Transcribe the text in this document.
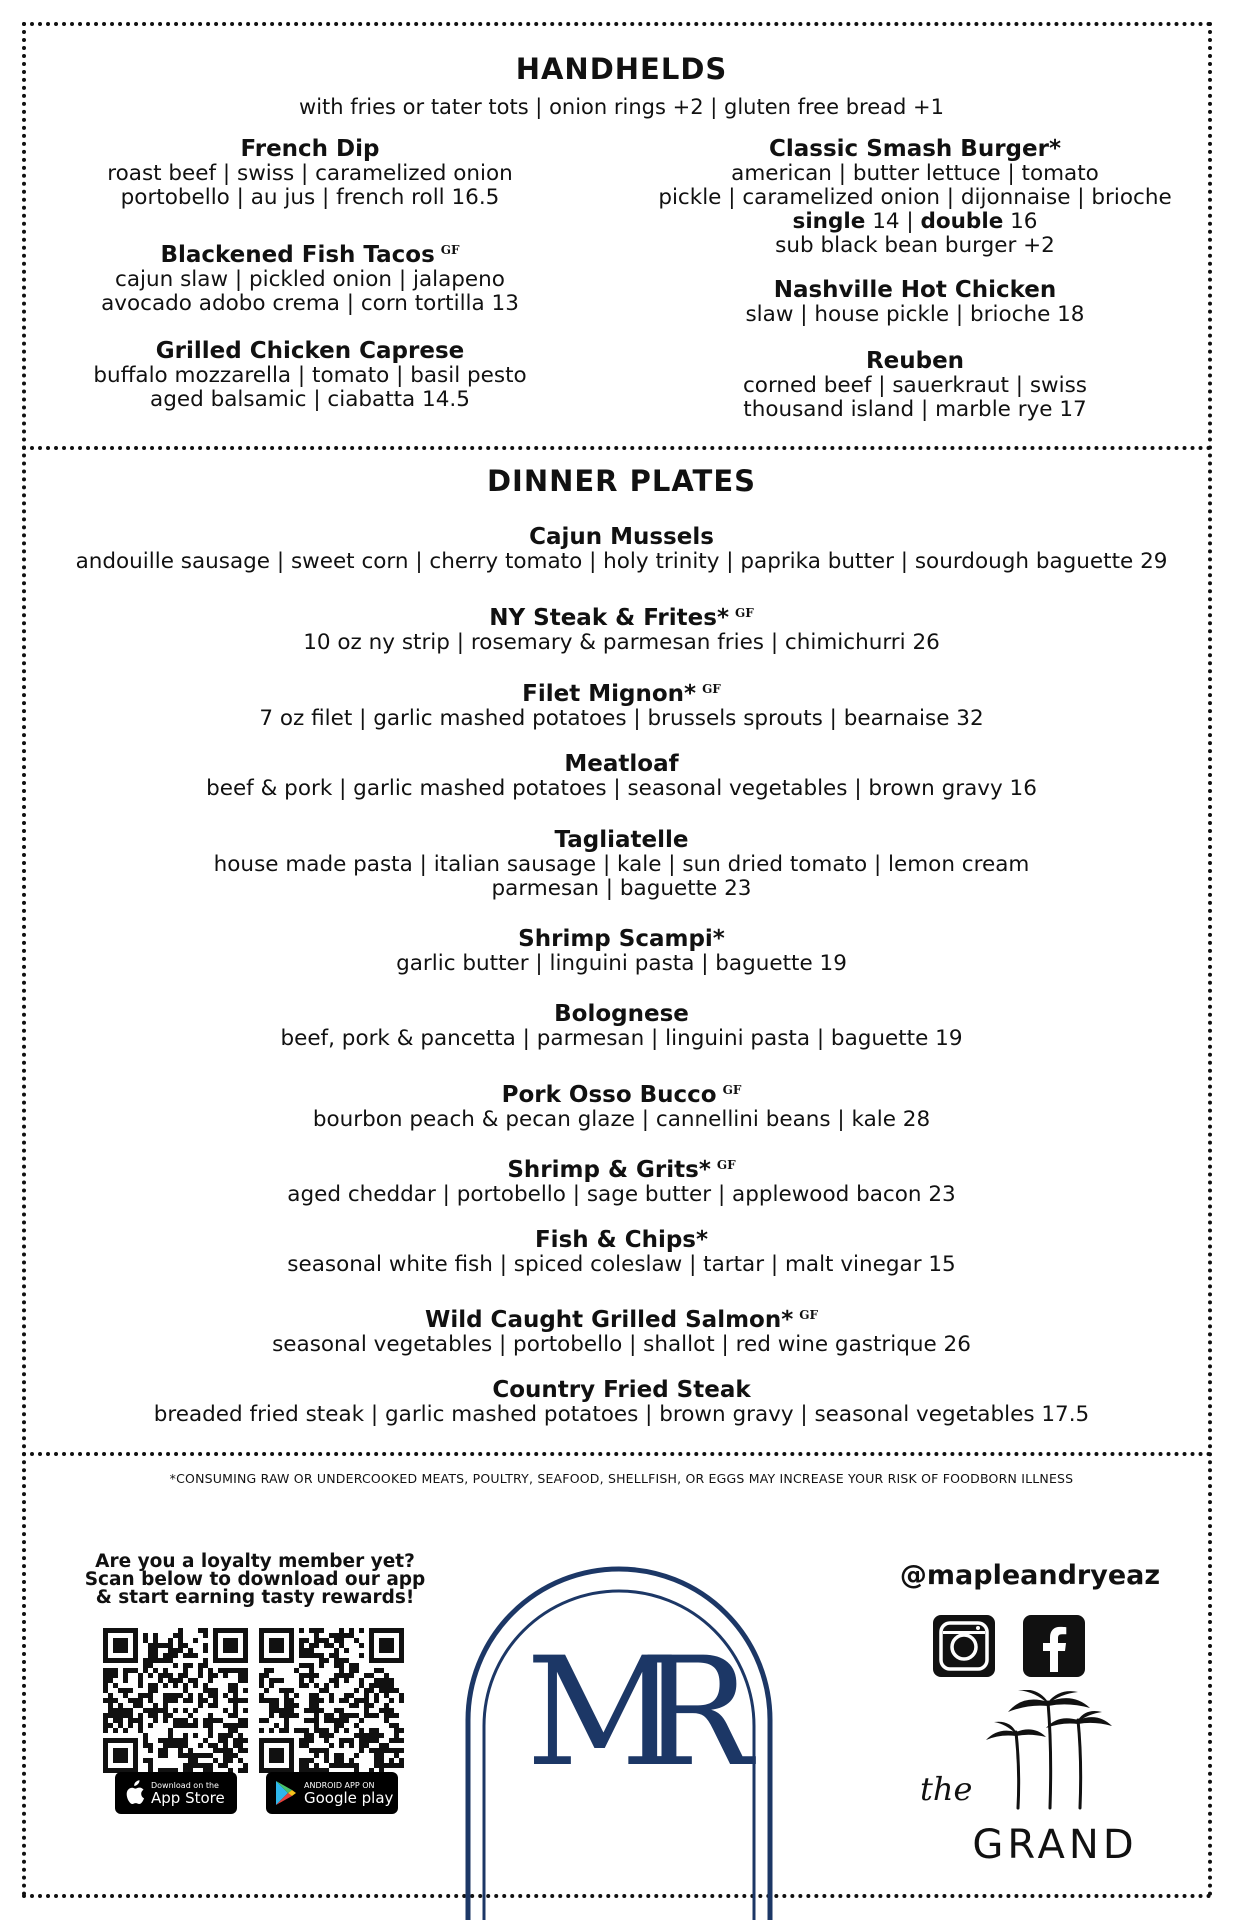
HANDHELDS
with fries or tater tots | onion rings +2 | gluten free bread +1
French Dip
roast beef | swiss | caramelized onion
portobello | au jus | french roll 16.5
Blackened Fish Tacos $^{GF}$
cajun slaw | pickled onion | jalapeno
avocado adobo crema | corn tortilla 13
Grilled Chicken Caprese
buffalo mozzarella | tomato | basil pesto
aged balsamic | ciabatta 14.5
Classic Smash Burger*
american | butter lettuce | tomato
pickle | caramelized onion | dijonnaise | brioche
single 14 | double 16
sub black bean burger +2
Nashville Hot Chicken
slaw | house pickle | brioche 18
Reuben
corned beef | sauerkraut | swiss
thousand island | marble rye 17
DINNER PLATES
Cajun Mussels
andouille sausage | sweet corn | cherry tomato | holy trinity | paprika butter | sourdough baguette 29
NY Steak & Frites* $^{GF}$
10 oz ny strip | rosemary & parmesan fries | chimichurri 26
Filet Mignon* $^{GF}$
7 oz filet | garlic mashed potatoes | brussels sprouts | bearnaise 32
Meatloaf
beef & pork | garlic mashed potatoes | seasonal vegetables | brown gravy 16
Tagliatelle
house made pasta | italian sausage | kale | sun dried tomato | lemon cream
parmesan | baguette 23
Shrimp Scampi*
garlic butter | linguini pasta | baguette 19
Bolognese
beef, pork & pancetta | parmesan | linguini pasta | baguette 19
Pork Osso Bucco $^{GF}$
bourbon peach & pecan glaze | cannellini beans | kale 28
Shrimp & Grits* $^{GF}$
aged cheddar | portobello | sage butter | applewood bacon 23
Fish & Chips*
seasonal white fish | spiced coleslaw | tartar | malt vinegar 15
Wild Caught Grilled Salmon* $^{GF}$
seasonal vegetables | portobello | shallot | red wine gastrique 26
Country Fried Steak
breaded fried steak | garlic mashed potatoes | brown gravy | seasonal vegetables 17.5
*CONSUMING RAW OR UNDERCOOKED MEATS, POULTRY, SEAFOOD, SHELLFISH, OR EGGS MAY INCREASE YOUR RISK OF FOODBORN ILLNESS
Are you a loyalty member yet?
Scan below to download our app
& start earning tasty rewards!
Download on the
App Store
ANDROID APP ON
Google play MR
@mapleandryeaz
the
GRAND
